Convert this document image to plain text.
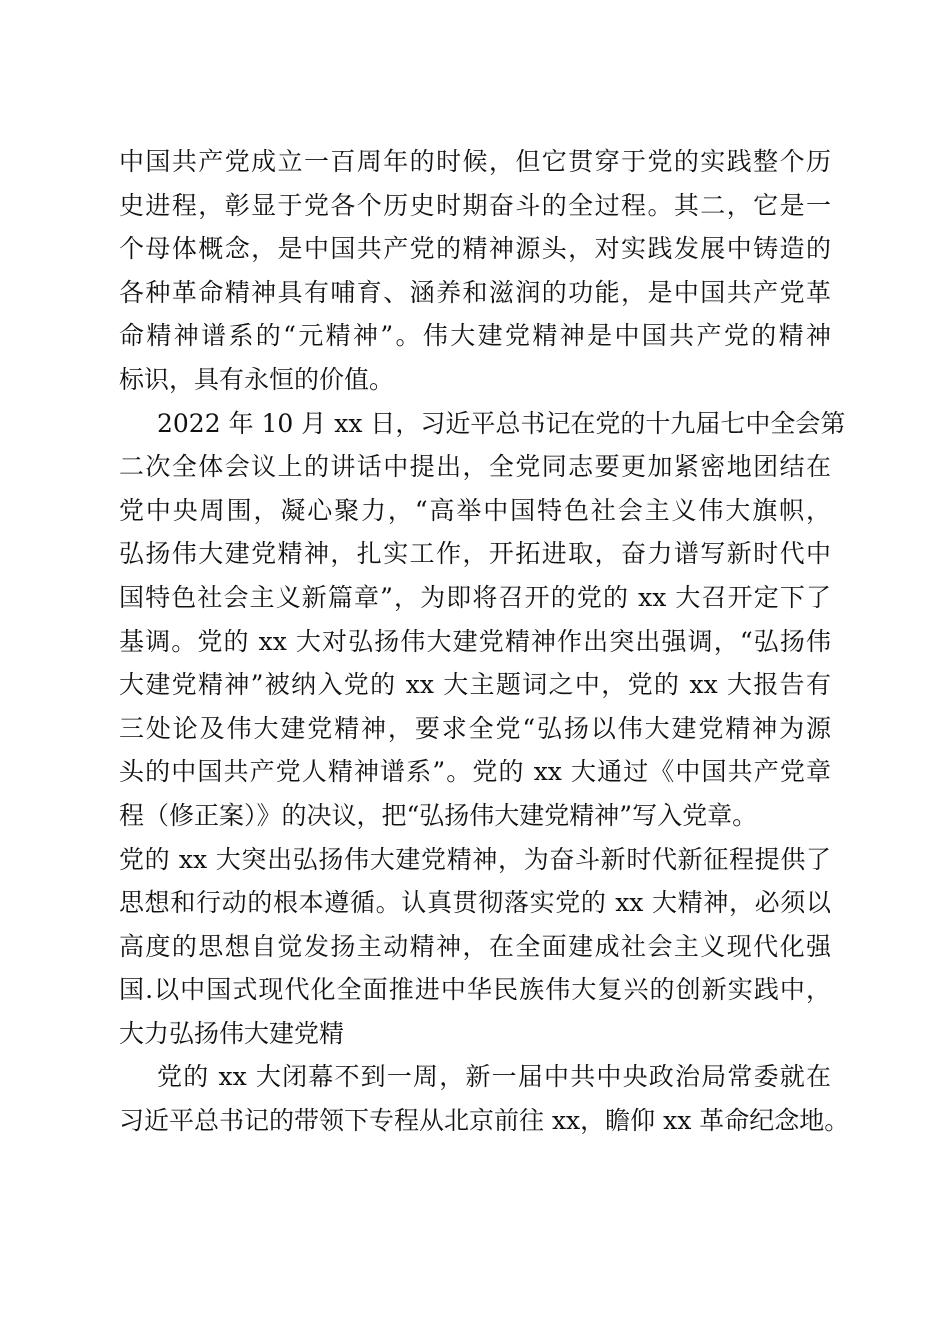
中国共产党成立一百周年的时候，但它贯穿于党的实践整个历
史进程，彰显于党各个历史时期奋斗的全过程。其二，它是一
个母体概念，是中国共产党的精神源头，对实践发展中铸造的
各种革命精神具有哺育、涵养和滋润的功能，是中国共产党革
命精神谱系的“元精神”。伟大建党精神是中国共产党的精神
标识，具有永恒的价值。
2022 年 10 月 xx 日，习近平总书记在党的十九届七中全会第
二次全体会议上的讲话中提出，全党同志要更加紧密地团结在
党中央周围，凝心聚力，“高举中国特色社会主义伟大旗帜，
弘扬伟大建党精神，扎实工作，开拓进取，奋力谱写新时代中
国特色社会主义新篇章”，为即将召开的党的 xx 大召开定下了
基调。党的 xx 大对弘扬伟大建党精神作出突出强调，“弘扬伟
大建党精神”被纳入党的 xx 大主题词之中，党的 xx 大报告有
三处论及伟大建党精神，要求全党“弘扬以伟大建党精神为源
头的中国共产党人精神谱系”。党的 xx 大通过《中国共产党章
程（修正案）》的决议，把“弘扬伟大建党精神”写入党章。
党的 xx 大突出弘扬伟大建党精神，为奋斗新时代新征程提供了
思想和行动的根本遵循。认真贯彻落实党的 xx 大精神，必须以
高度的思想自觉发扬主动精神，在全面建成社会主义现代化强
国.以中国式现代化全面推进中华民族伟大复兴的创新实践中，
大力弘扬伟大建党精
党的 xx 大闭幕不到一周，新一届中共中央政治局常委就在
习近平总书记的带领下专程从北京前往 xx，瞻仰 xx 革命纪念地。
